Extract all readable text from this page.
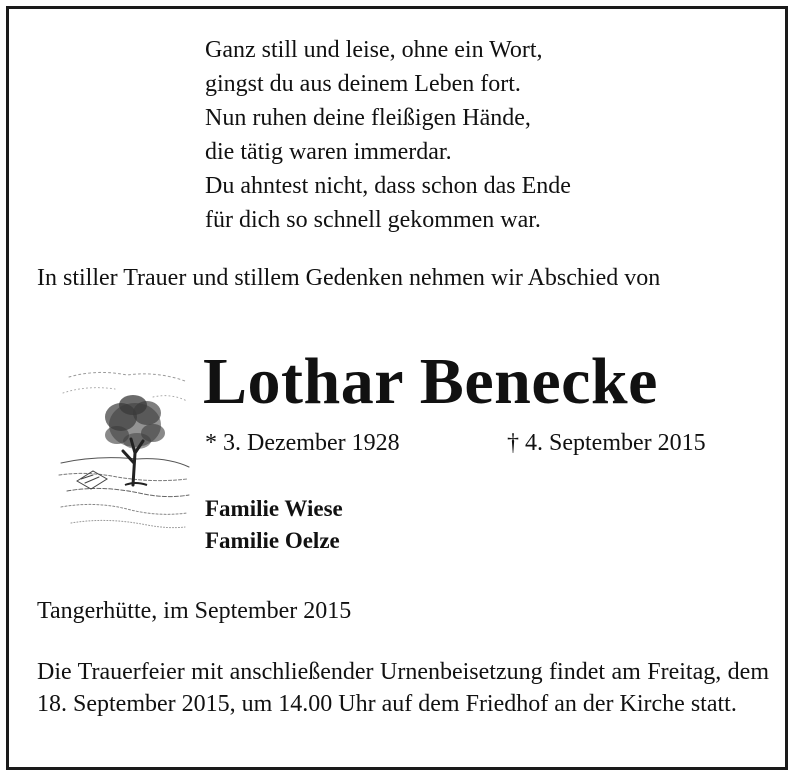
Ganz still und leise, ohne ein Wort,
gingst du aus deinem Leben fort.
Nun ruhen deine fleißigen Hände,
die tätig waren immerdar.
Du ahntest nicht, dass schon das Ende
für dich so schnell gekommen war.
In stiller Trauer und stillem Gedenken nehmen wir Abschied von
Lothar Benecke
* 3. Dezember 1928	† 4. September 2015
Familie Wiese
Familie Oelze
Tangerhütte, im September 2015
Die Trauerfeier mit anschließender Urnenbeisetzung findet am Freitag, dem 18. September 2015, um 14.00 Uhr auf dem Friedhof an der Kirche statt.
